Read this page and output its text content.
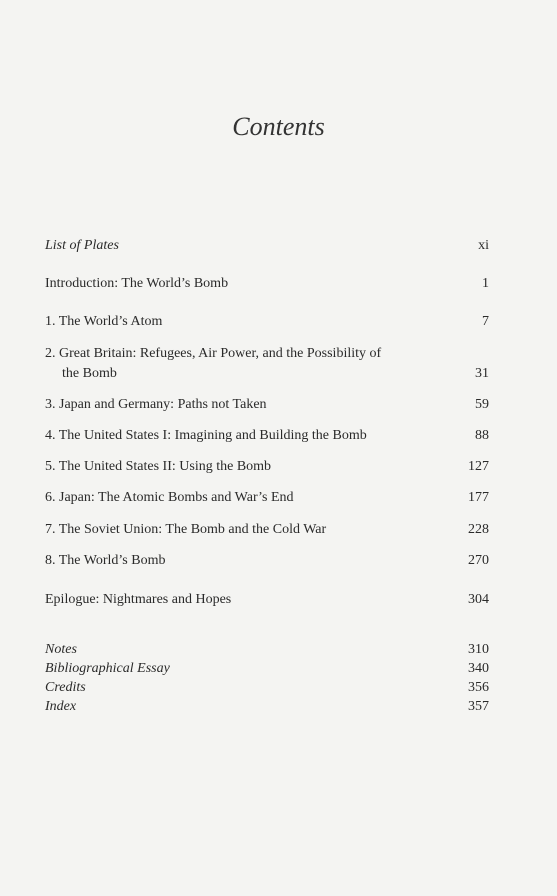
Contents
List of Plates	xi
Introduction: The World’s Bomb	1
1. The World’s Atom	7
2. Great Britain: Refugees, Air Power, and the Possibility of
the Bomb	31
3. Japan and Germany: Paths not Taken	59
4. The United States I: Imagining and Building the Bomb	88
5. The United States II: Using the Bomb	127
6. Japan: The Atomic Bombs and War’s End	177
7. The Soviet Union: The Bomb and the Cold War	228
8. The World’s Bomb	270
Epilogue: Nightmares and Hopes	304
Notes	310
Bibliographical Essay	340
Credits	356
Index	357
